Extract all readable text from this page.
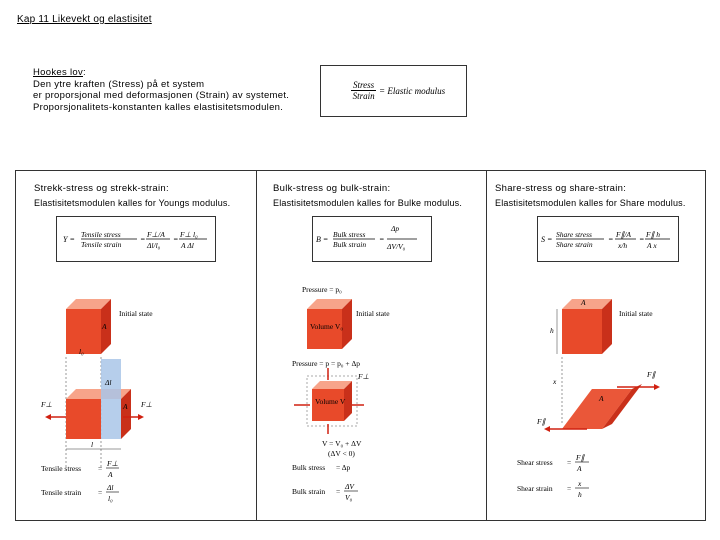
Kap 11 Likevekt og elastisitet
Hookes lov:
Den ytre kraften (Stress) på et system
er proporsjonal med deformasjonen (Strain) av systemet.
Proporsjonalitets-konstanten kalles elastisitetsmodulen.
Stress
Strain = Elastic modulus
Strekk-stress og strekk-strain:
Elastisitetsmodulen kalles for Youngs modulus.
Y =
Tensile stress
Tensile strain
=
F⊥/A
Δl/l₀
=
F⊥ l₀
A Δl
A
Initial state
l₀
Δl
F⊥	F⊥
A
l
Tensile stress =
F⊥
A
Tensile strain =
Δl
l₀
Bulk-stress og bulk-strain:
Elastisitetsmodulen kalles for Bulke modulus.
B =
Bulk stress
Bulk strain
=
Δp
ΔV/V₀
Pressure = p₀
Volume V₀
Initial state
Pressure = p = p₀ + Δp
Volume V
F⊥
V = V₀ + ΔV
(ΔV < 0)
Bulk stress = Δp
Bulk strain =
ΔV
V₀
Share-stress og share-strain:
Elastisitetsmodulen kalles for Share modulus.
S =
Share stress
Share strain
=
F∥/A
x/h
=
F∥ h
A x
A
Initial state
h
x
A
F∥
F∥
Shear stress =
F∥
A
Shear strain =
x
h
